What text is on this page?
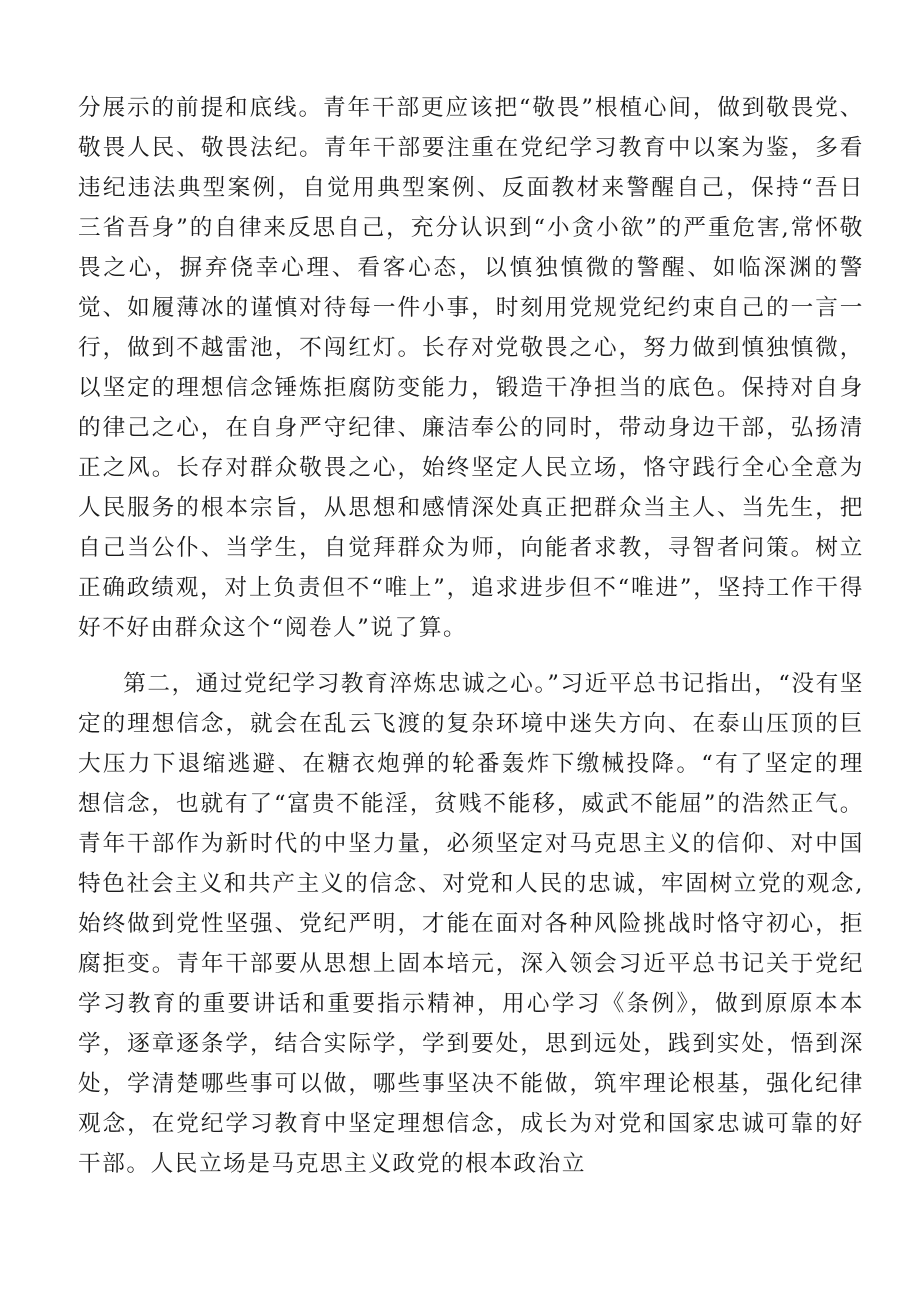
分展示的前提和底线。青年干部更应该把“敬畏”根植心间，做到敬畏党、敬畏人民、敬畏法纪。青年干部要注重在党纪学习教育中以案为鉴，多看违纪违法典型案例，自觉用典型案例、反面教材来警醒自己，保持“吾日三省吾身”的自律来反思自己，充分认识到“小贪小欲”的严重危害,常怀敬畏之心，摒弃侥幸心理、看客心态，以慎独慎微的警醒、如临深渊的警觉、如履薄冰的谨慎对待每一件小事，时刻用党规党纪约束自己的一言一行，做到不越雷池，不闯红灯。长存对党敬畏之心，努力做到慎独慎微，以坚定的理想信念锤炼拒腐防变能力，锻造干净担当的底色。保持对自身的律己之心，在自身严守纪律、廉洁奉公的同时，带动身边干部，弘扬清正之风。长存对群众敬畏之心，始终坚定人民立场，恪守践行全心全意为人民服务的根本宗旨，从思想和感情深处真正把群众当主人、当先生，把自己当公仆、当学生，自觉拜群众为师，向能者求教，寻智者问策。树立正确政绩观，对上负责但不“唯上”，追求进步但不“唯进”，坚持工作干得好不好由群众这个“阅卷人”说了算。

第二，通过党纪学习教育淬炼忠诚之心。”习近平总书记指出，“没有坚定的理想信念，就会在乱云飞渡的复杂环境中迷失方向、在泰山压顶的巨大压力下退缩逃避、在糖衣炮弹的轮番轰炸下缴械投降。“有了坚定的理想信念，也就有了“富贵不能淫，贫贱不能移，威武不能屈”的浩然正气。青年干部作为新时代的中坚力量，必须坚定对马克思主义的信仰、对中国特色社会主义和共产主义的信念、对党和人民的忠诚，牢固树立党的观念,始终做到党性坚强、党纪严明，才能在面对各种风险挑战时恪守初心，拒腐拒变。青年干部要从思想上固本培元，深入领会习近平总书记关于党纪学习教育的重要讲话和重要指示精神，用心学习《条例》，做到原原本本学，逐章逐条学，结合实际学，学到要处，思到远处，践到实处，悟到深处，学清楚哪些事可以做，哪些事坚决不能做，筑牢理论根基，强化纪律观念，在党纪学习教育中坚定理想信念，成长为对党和国家忠诚可靠的好干部。人民立场是马克思主义政党的根本政治立
